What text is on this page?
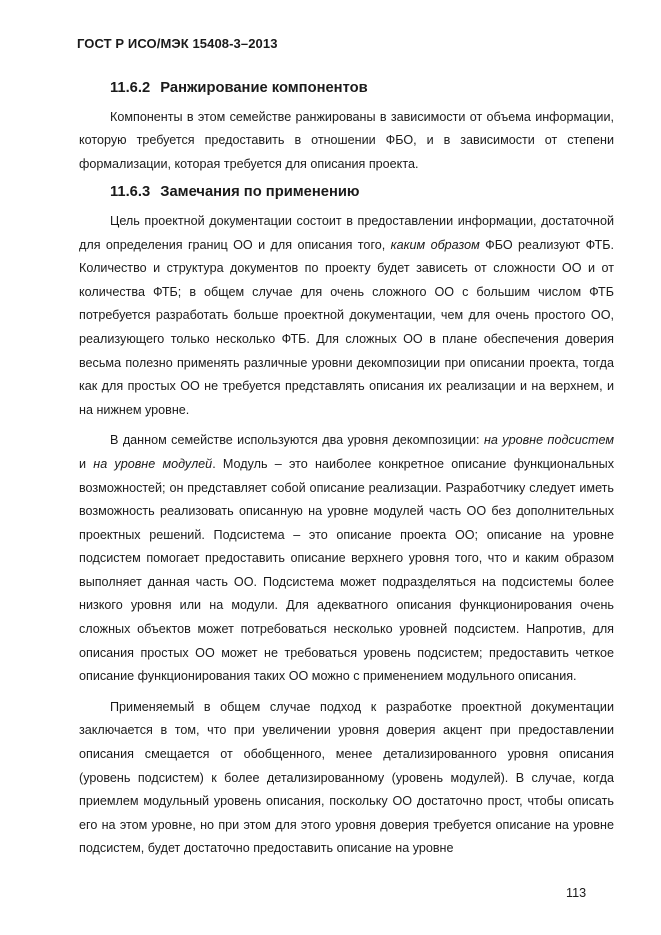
ГОСТ Р ИСО/МЭК 15408-3–2013
11.6.2 Ранжирование компонентов

Компоненты в этом семействе ранжированы в зависимости от объема информации, которую требуется предоставить в отношении ФБО, и в зависимости от степени формализации, которая требуется для описания проекта.

11.6.3 Замечания по применению

Цель проектной документации состоит в предоставлении информации, достаточной для определения границ ОО и для описания того, каким образом ФБО реализуют ФТБ. Количество и структура документов по проекту будет зависеть от сложности ОО и от количества ФТБ; в общем случае для очень сложного ОО с большим числом ФТБ потребуется разработать больше проектной документации, чем для очень простого ОО, реализующего только несколько ФТБ. Для сложных ОО в плане обеспечения доверия весьма полезно применять различные уровни декомпозиции при описании проекта, тогда как для простых ОО не требуется представлять описания их реализации и на верхнем, и на нижнем уровне.

В данном семействе используются два уровня декомпозиции: на уровне подсистем и на уровне модулей. Модуль – это наиболее конкретное описание функциональных возможностей; он представляет собой описание реализации. Разработчику следует иметь возможность реализовать описанную на уровне модулей часть ОО без дополнительных проектных решений. Подсистема – это описание проекта ОО; описание на уровне подсистем помогает предоставить описание верхнего уровня того, что и каким образом выполняет данная часть ОО. Подсистема может подразделяться на подсистемы более низкого уровня или на модули. Для адекватного описания функционирования очень сложных объектов может потребоваться несколько уровней подсистем. Напротив, для описания простых ОО может не требоваться уровень подсистем; предоставить четкое описание функционирования таких ОО можно с применением модульного описания.

Применяемый в общем случае подход к разработке проектной документации заключается в том, что при увеличении уровня доверия акцент при предоставлении описания смещается от обобщенного, менее детализированного уровня описания (уровень подсистем) к более детализированному (уровень модулей). В случае, когда приемлем модульный уровень описания, поскольку ОО достаточно прост, чтобы описать его на этом уровне, но при этом для этого уровня доверия требуется описание на уровне подсистем, будет достаточно предоставить описание на уровне

113
